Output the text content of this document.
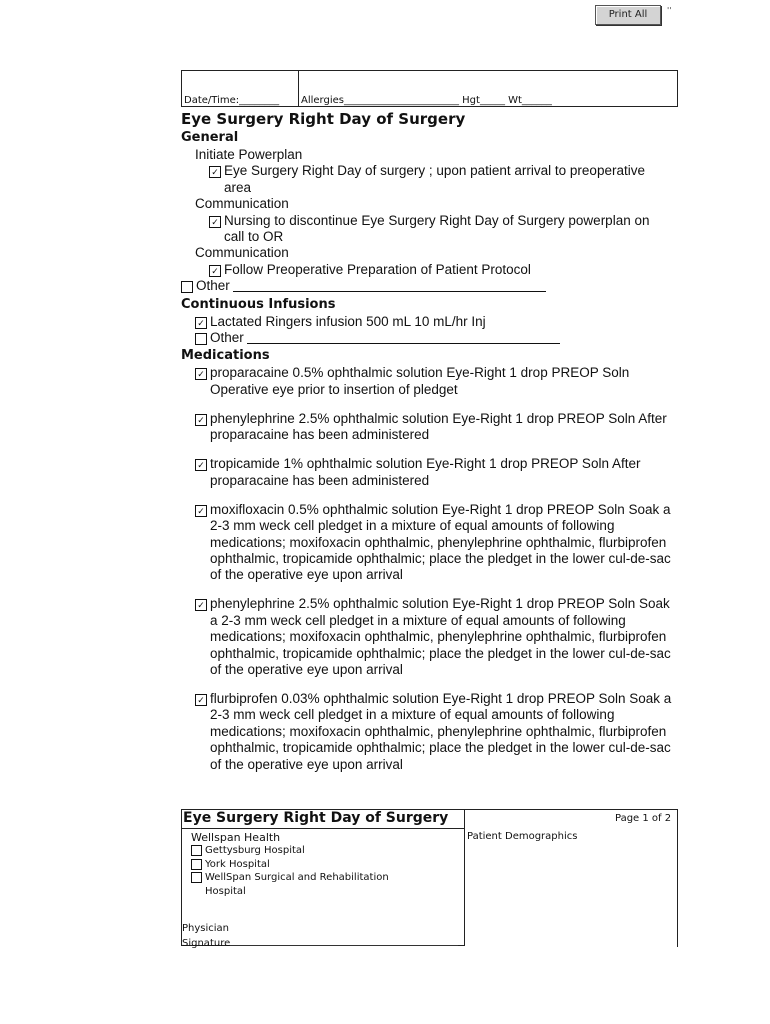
Print All	''
Date/Time:________ Allergies_______________________ Hgt_____ Wt______
Eye Surgery Right Day of Surgery
General
Initiate Powerplan
✓ Eye Surgery Right Day of surgery ; upon patient arrival to preoperative area
Communication
✓ Nursing to discontinue Eye Surgery Right Day of Surgery powerplan on call to OR
Communication
✓ Follow Preoperative Preparation of Patient Protocol
Other
Continuous Infusions
✓ Lactated Ringers infusion 500 mL 10 mL/hr Inj
Other
Medications
✓ proparacaine 0.5% ophthalmic solution Eye-Right 1 drop PREOP Soln Operative eye prior to insertion of pledget
✓ phenylephrine 2.5% ophthalmic solution Eye-Right 1 drop PREOP Soln After proparacaine has been administered
✓ tropicamide 1% ophthalmic solution Eye-Right 1 drop PREOP Soln After proparacaine has been administered
✓ moxifloxacin 0.5% ophthalmic solution Eye-Right 1 drop PREOP Soln Soak a 2-3 mm weck cell pledget in a mixture of equal amounts of following medications; moxifoxacin ophthalmic, phenylephrine ophthalmic, flurbiprofen ophthalmic, tropicamide ophthalmic; place the pledget in the lower cul-de-sac of the operative eye upon arrival
✓ phenylephrine 2.5% ophthalmic solution Eye-Right 1 drop PREOP Soln Soak a 2-3 mm weck cell pledget in a mixture of equal amounts of following medications; moxifoxacin ophthalmic, phenylephrine ophthalmic, flurbiprofen ophthalmic, tropicamide ophthalmic; place the pledget in the lower cul-de-sac of the operative eye upon arrival
✓ flurbiprofen 0.03% ophthalmic solution Eye-Right 1 drop PREOP Soln Soak a 2-3 mm weck cell pledget in a mixture of equal amounts of following medications; moxifoxacin ophthalmic, phenylephrine ophthalmic, flurbiprofen ophthalmic, tropicamide ophthalmic; place the pledget in the lower cul-de-sac of the operative eye upon arrival
Eye Surgery Right Day of Surgery	Page 1 of 2
Patient Demographics
Wellspan Health
Gettysburg Hospital
York Hospital
WellSpan Surgical and Rehabilitation
Hospital
Physician
Signature
